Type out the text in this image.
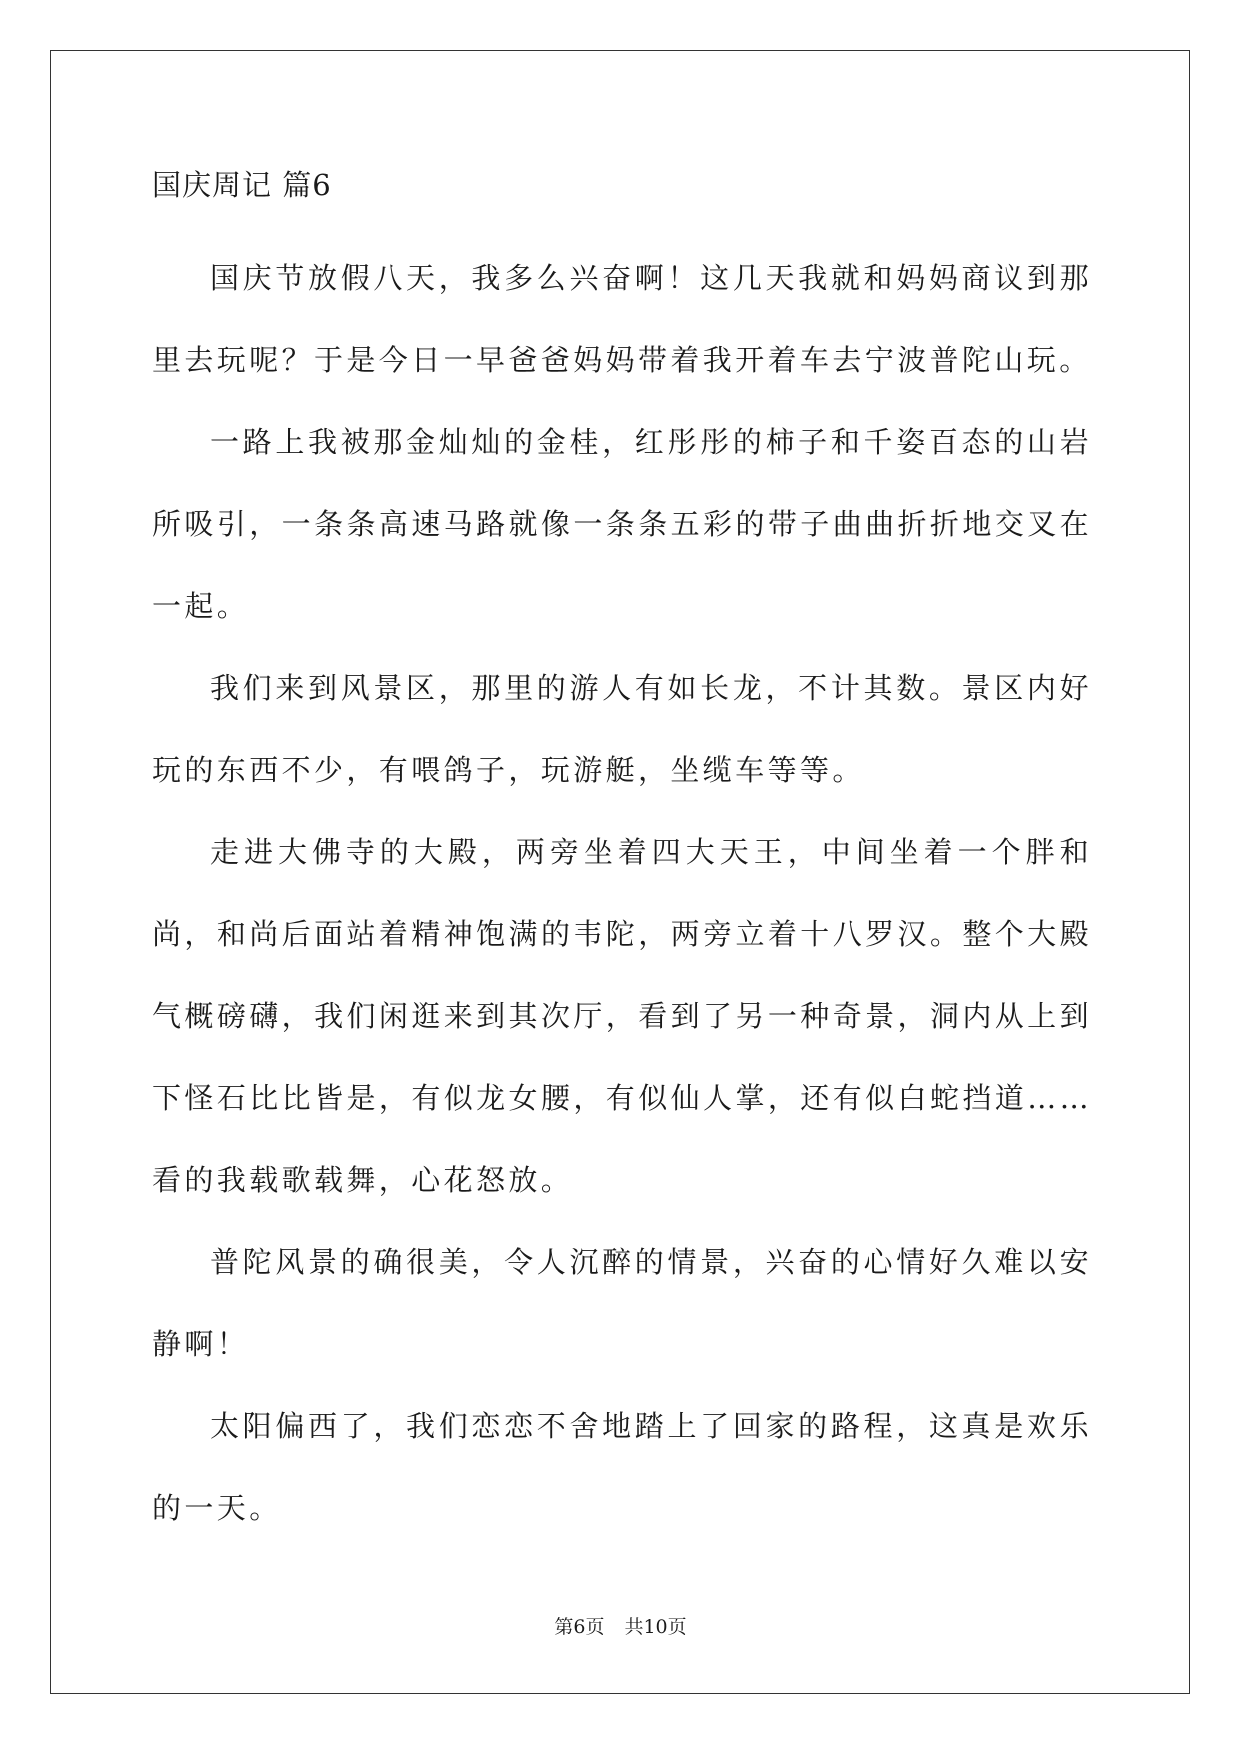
国庆周记 篇6

国庆节放假八天，我多么兴奋啊！这几天我就和妈妈商议到那里去玩呢？于是今日一早爸爸妈妈带着我开着车去宁波普陀山玩。

一路上我被那金灿灿的金桂，红彤彤的柿子和千姿百态的山岩所吸引，一条条高速马路就像一条条五彩的带子曲曲折折地交叉在一起。

我们来到风景区，那里的游人有如长龙，不计其数。景区内好玩的东西不少，有喂鸽子，玩游艇，坐缆车等等。

走进大佛寺的大殿，两旁坐着四大天王，中间坐着一个胖和尚，和尚后面站着精神饱满的韦陀，两旁立着十八罗汉。整个大殿气概磅礴，我们闲逛来到其次厅，看到了另一种奇景，洞内从上到下怪石比比皆是，有似龙女腰，有似仙人掌，还有似白蛇挡道……看的我载歌载舞，心花怒放。

普陀风景的确很美，令人沉醉的情景，兴奋的心情好久难以安静啊！

太阳偏西了，我们恋恋不舍地踏上了回家的路程，这真是欢乐的一天。

第6页 共10页
